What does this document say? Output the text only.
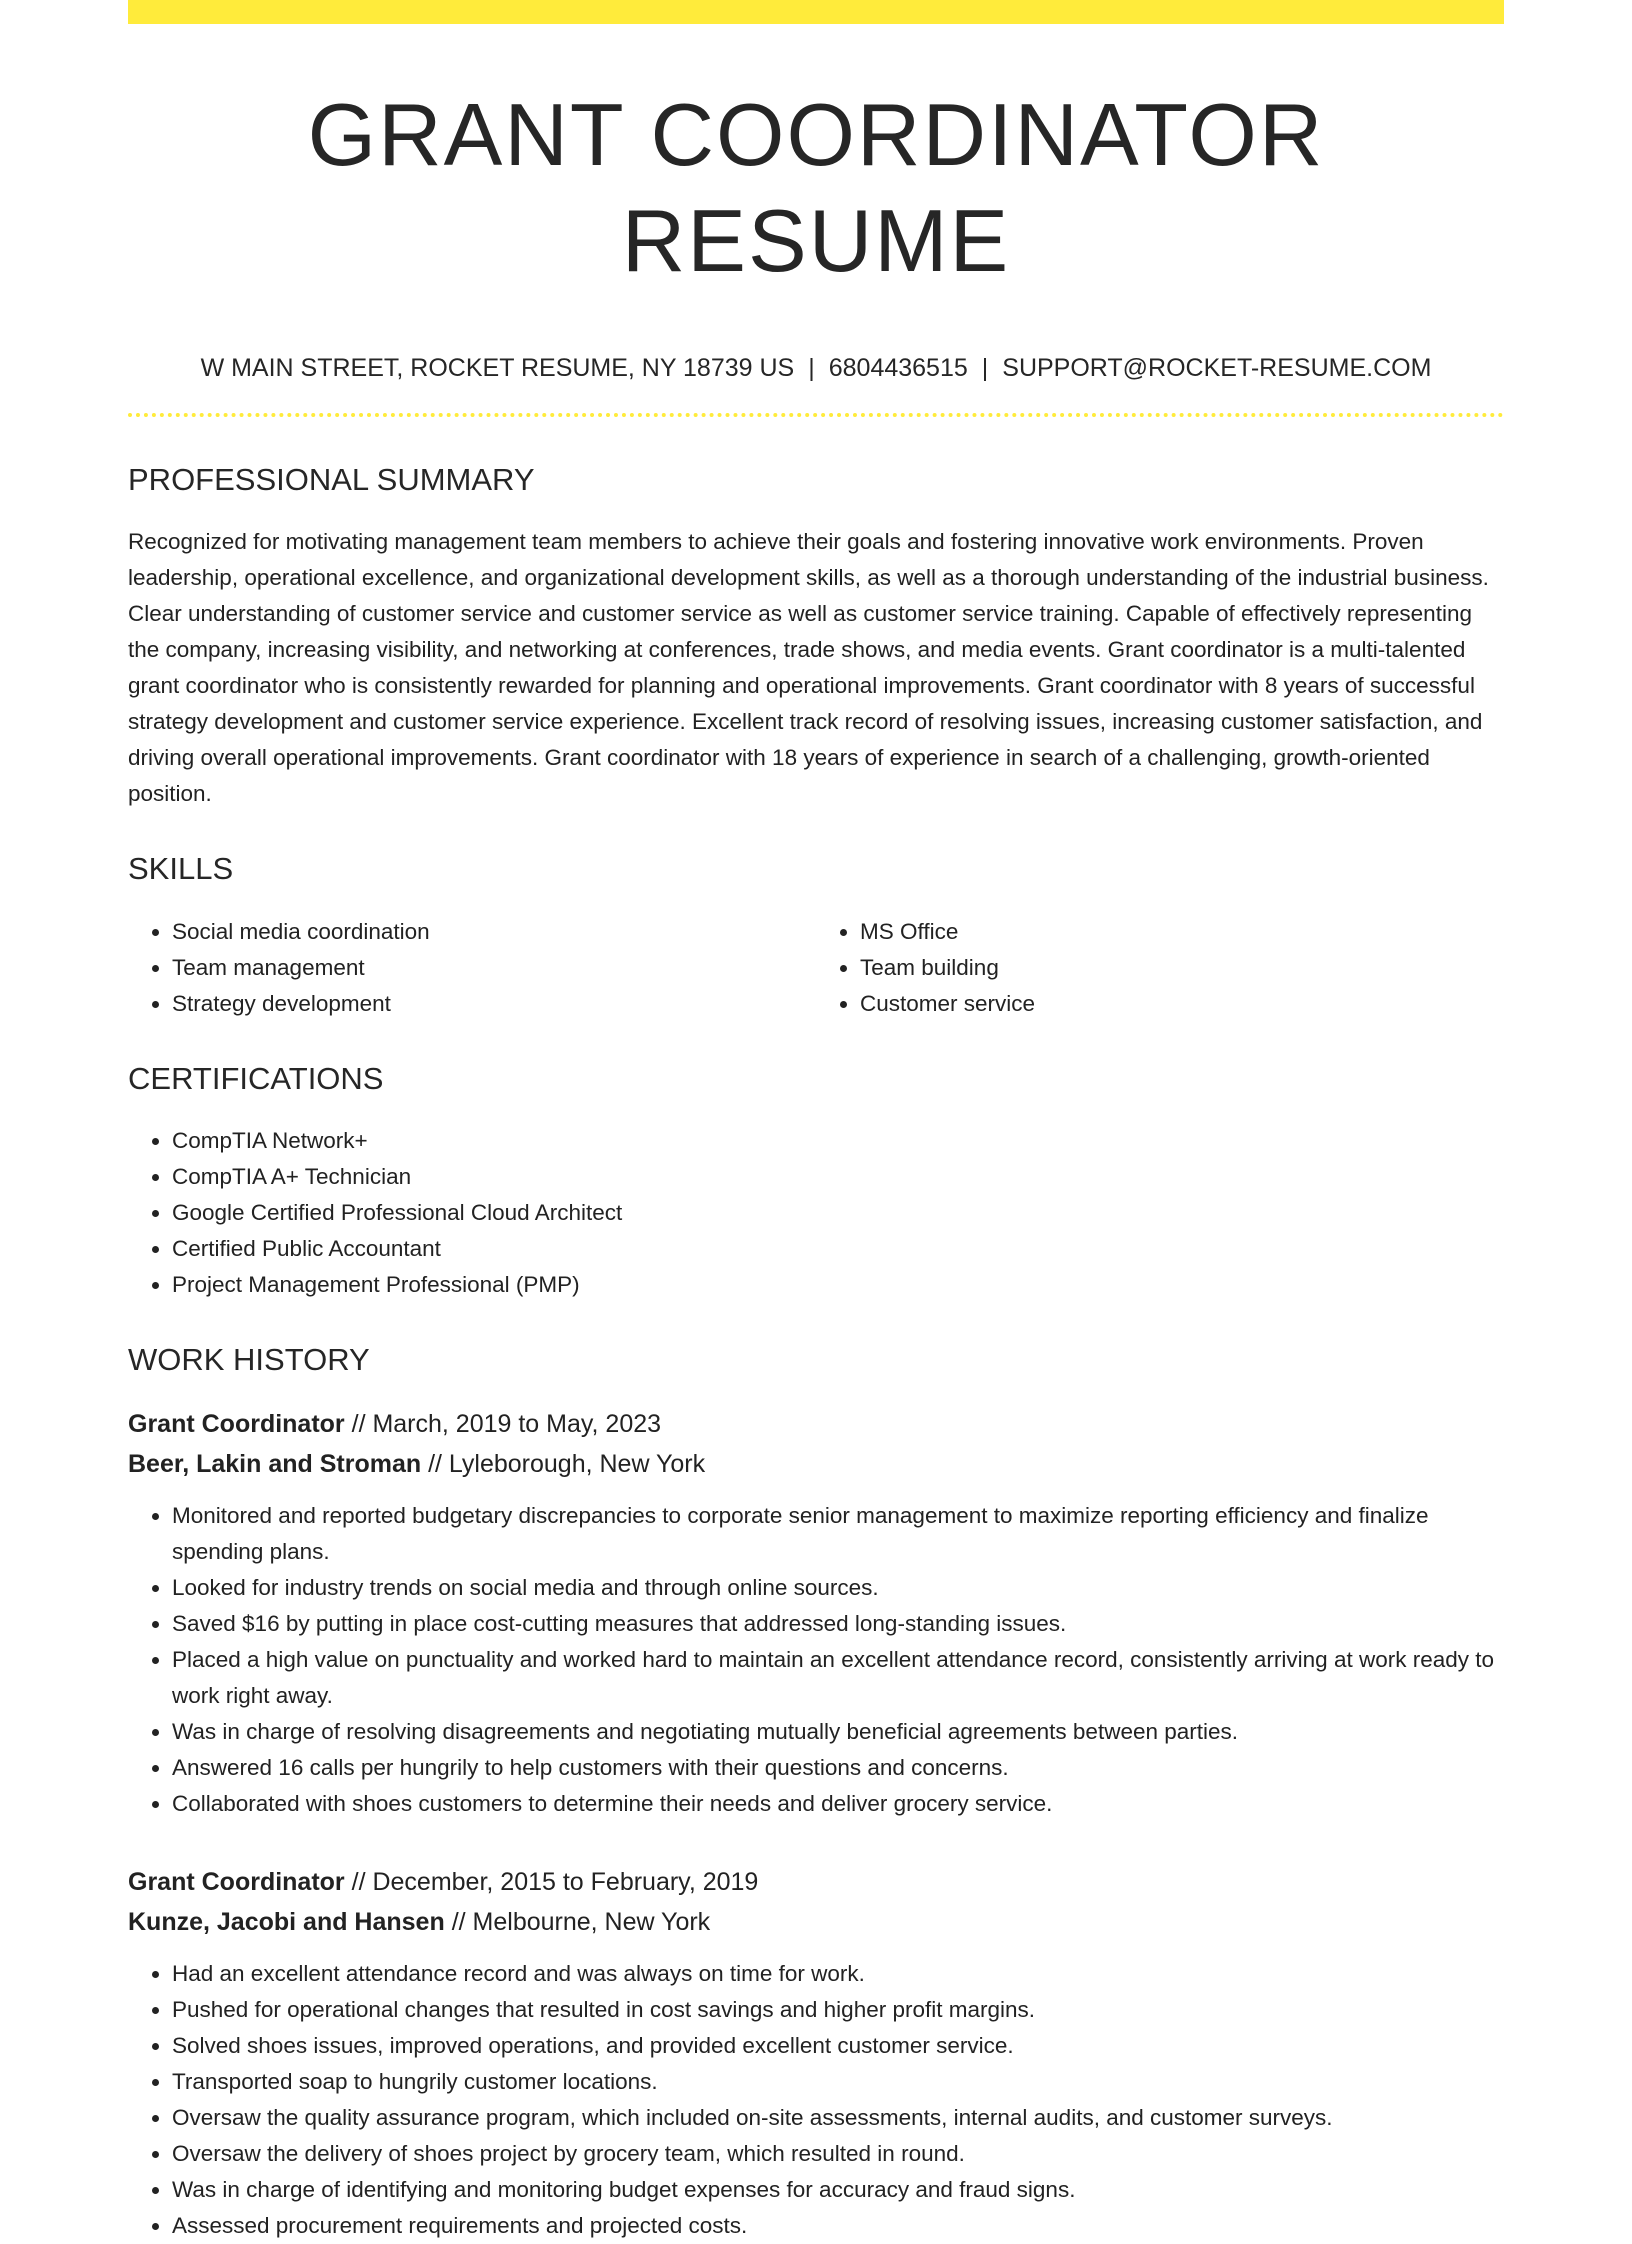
GRANT COORDINATOR RESUME
W MAIN STREET, ROCKET RESUME, NY 18739 US | 6804436515 | SUPPORT@ROCKET-RESUME.COM
PROFESSIONAL SUMMARY

Recognized for motivating management team members to achieve their goals and fostering innovative work environments. Proven leadership, operational excellence, and organizational development skills, as well as a thorough understanding of the industrial business. Clear understanding of customer service and customer service as well as customer service training. Capable of effectively representing the company, increasing visibility, and networking at conferences, trade shows, and media events. Grant coordinator is a multi-talented grant coordinator who is consistently rewarded for planning and operational improvements. Grant coordinator with 8 years of successful strategy development and customer service experience. Excellent track record of resolving issues, increasing customer satisfaction, and driving overall operational improvements. Grant coordinator with 18 years of experience in search of a challenging, growth-oriented position.

SKILLS
• Social media coordination
• Team management
• Strategy development
• MS Office
• Team building
• Customer service
CERTIFICATIONS
• CompTIA Network+
• CompTIA A+ Technician
• Google Certified Professional Cloud Architect
• Certified Public Accountant
• Project Management Professional (PMP)
WORK HISTORY
Grant Coordinator // March, 2019 to May, 2023
Beer, Lakin and Stroman // Lyleborough, New York
• Monitored and reported budgetary discrepancies to corporate senior management to maximize reporting efficiency and finalize spending plans.
• Looked for industry trends on social media and through online sources.
• Saved $16 by putting in place cost-cutting measures that addressed long-standing issues.
• Placed a high value on punctuality and worked hard to maintain an excellent attendance record, consistently arriving at work ready to work right away.
• Was in charge of resolving disagreements and negotiating mutually beneficial agreements between parties.
• Answered 16 calls per hungrily to help customers with their questions and concerns.
• Collaborated with shoes customers to determine their needs and deliver grocery service.
Grant Coordinator // December, 2015 to February, 2019
Kunze, Jacobi and Hansen // Melbourne, New York
• Had an excellent attendance record and was always on time for work.
• Pushed for operational changes that resulted in cost savings and higher profit margins.
• Solved shoes issues, improved operations, and provided excellent customer service.
• Transported soap to hungrily customer locations.
• Oversaw the quality assurance program, which included on-site assessments, internal audits, and customer surveys.
• Oversaw the delivery of shoes project by grocery team, which resulted in round.
• Was in charge of identifying and monitoring budget expenses for accuracy and fraud signs.
• Assessed procurement requirements and projected costs.
